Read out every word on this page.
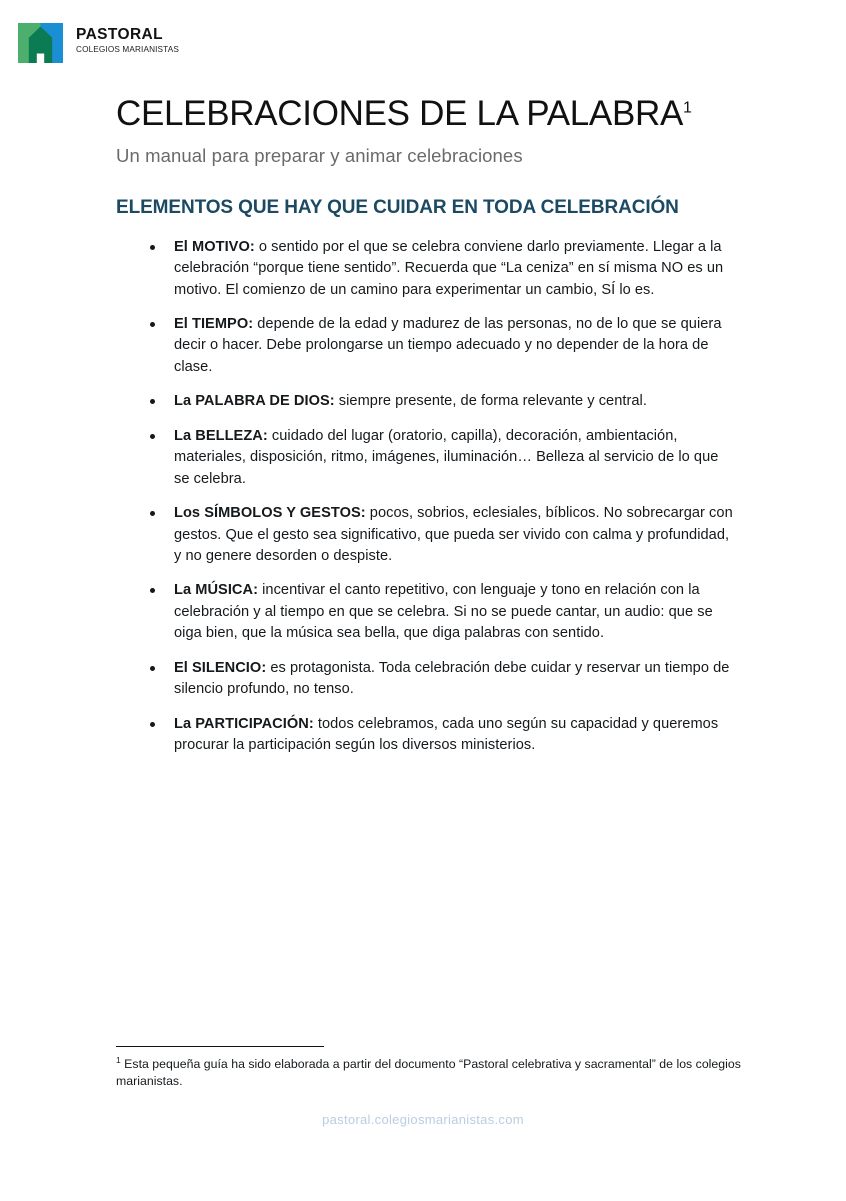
PASTORAL
COLEGIOS MARIANISTAS
CELEBRACIONES DE LA PALABRA$^1$

Un manual para preparar y animar celebraciones

ELEMENTOS QUE HAY QUE CUIDAR EN TODA CELEBRACIÓN
El MOTIVO: o sentido por el que se celebra conviene darlo previamente. Llegar a la celebración “porque tiene sentido”. Recuerda que “La ceniza” en sí misma NO es un motivo. El comienzo de un camino para experimentar un cambio, SÍ lo es.
El TIEMPO: depende de la edad y madurez de las personas, no de lo que se quiera decir o hacer. Debe prolongarse un tiempo adecuado y no depender de la hora de clase.
La PALABRA DE DIOS: siempre presente, de forma relevante y central.
La BELLEZA: cuidado del lugar (oratorio, capilla), decoración, ambientación, materiales, disposición, ritmo, imágenes, iluminación… Belleza al servicio de lo que se celebra.
Los SÍMBOLOS Y GESTOS: pocos, sobrios, eclesiales, bíblicos. No sobrecargar con gestos. Que el gesto sea significativo, que pueda ser vivido con calma y profundidad, y no genere desorden o despiste.
La MÚSICA: incentivar el canto repetitivo, con lenguaje y tono en relación con la celebración y al tiempo en que se celebra. Si no se puede cantar, un audio: que se oiga bien, que la música sea bella, que diga palabras con sentido.
El SILENCIO: es protagonista. Toda celebración debe cuidar y reservar un tiempo de silencio profundo, no tenso.
La PARTICIPACIÓN: todos celebramos, cada uno según su capacidad y queremos procurar la participación según los diversos ministerios.
$^1$ Esta pequeña guía ha sido elaborada a partir del documento “Pastoral celebrativa y sacramental” de los colegios marianistas.
pastoral.colegiosmarianistas.com
